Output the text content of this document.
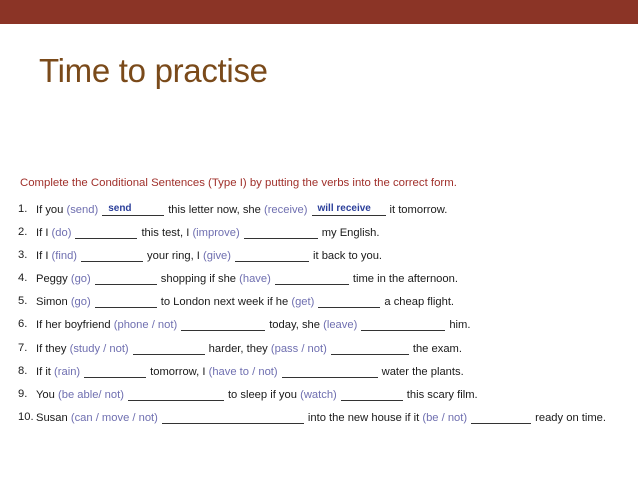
Time to practise
Complete the Conditional Sentences (Type I) by putting the verbs into the correct form.
1. If you (send) send	this letter now, she (receive) will receive it tomorrow.
2. If I (do)	this test, I (improve)	my English.
3. If I (find)	your ring, I (give)	it back to you.
4. Peggy (go)	shopping if she (have)	time in the afternoon.
5. Simon (go)	to London next week if he (get)	a cheap flight.
6. If her boyfriend (phone / not)	today, she (leave)	him.
7. If they (study / not)	harder, they (pass / not)	the exam.
8. If it (rain)	tomorrow, I (have to / not)	water the plants.
9. You (be able/ not)	to sleep if you (watch)	this scary film.
10. Susan (can / move / not)	into the new house if it (be / not)	ready on time.
